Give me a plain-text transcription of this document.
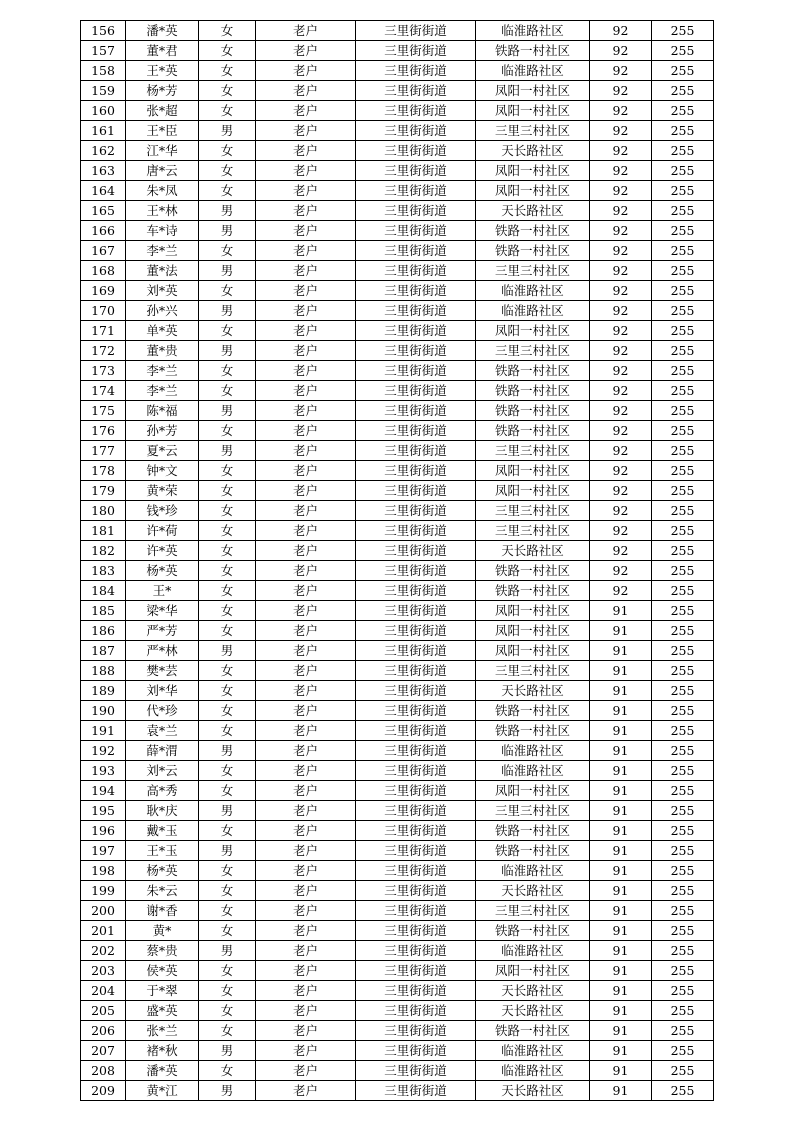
156	潘*英	女	老户	三里街街道	临淮路社区	92	255
157	董*君	女	老户	三里街街道	铁路一村社区	92	255
158	王*英	女	老户	三里街街道	临淮路社区	92	255
159	杨*芳	女	老户	三里街街道	凤阳一村社区	92	255
160	张*超	女	老户	三里街街道	凤阳一村社区	92	255
161	王*臣	男	老户	三里街街道	三里三村社区	92	255
162	江*华	女	老户	三里街街道	天长路社区	92	255
163	唐*云	女	老户	三里街街道	凤阳一村社区	92	255
164	朱*凤	女	老户	三里街街道	凤阳一村社区	92	255
165	王*林	男	老户	三里街街道	天长路社区	92	255
166	车*诗	男	老户	三里街街道	铁路一村社区	92	255
167	李*兰	女	老户	三里街街道	铁路一村社区	92	255
168	董*法	男	老户	三里街街道	三里三村社区	92	255
169	刘*英	女	老户	三里街街道	临淮路社区	92	255
170	孙*兴	男	老户	三里街街道	临淮路社区	92	255
171	单*英	女	老户	三里街街道	凤阳一村社区	92	255
172	董*贵	男	老户	三里街街道	三里三村社区	92	255
173	李*兰	女	老户	三里街街道	铁路一村社区	92	255
174	李*兰	女	老户	三里街街道	铁路一村社区	92	255
175	陈*福	男	老户	三里街街道	铁路一村社区	92	255
176	孙*芳	女	老户	三里街街道	铁路一村社区	92	255
177	夏*云	男	老户	三里街街道	三里三村社区	92	255
178	钟*文	女	老户	三里街街道	凤阳一村社区	92	255
179	黄*荣	女	老户	三里街街道	凤阳一村社区	92	255
180	钱*珍	女	老户	三里街街道	三里三村社区	92	255
181	许*荷	女	老户	三里街街道	三里三村社区	92	255
182	许*英	女	老户	三里街街道	天长路社区	92	255
183	杨*英	女	老户	三里街街道	铁路一村社区	92	255
184	王*	女	老户	三里街街道	铁路一村社区	92	255
185	梁*华	女	老户	三里街街道	凤阳一村社区	91	255
186	严*芳	女	老户	三里街街道	凤阳一村社区	91	255
187	严*林	男	老户	三里街街道	凤阳一村社区	91	255
188	樊*芸	女	老户	三里街街道	三里三村社区	91	255
189	刘*华	女	老户	三里街街道	天长路社区	91	255
190	代*珍	女	老户	三里街街道	铁路一村社区	91	255
191	袁*兰	女	老户	三里街街道	铁路一村社区	91	255
192	薛*渭	男	老户	三里街街道	临淮路社区	91	255
193	刘*云	女	老户	三里街街道	临淮路社区	91	255
194	高*秀	女	老户	三里街街道	凤阳一村社区	91	255
195	耿*庆	男	老户	三里街街道	三里三村社区	91	255
196	戴*玉	女	老户	三里街街道	铁路一村社区	91	255
197	王*玉	男	老户	三里街街道	铁路一村社区	91	255
198	杨*英	女	老户	三里街街道	临淮路社区	91	255
199	朱*云	女	老户	三里街街道	天长路社区	91	255
200	谢*香	女	老户	三里街街道	三里三村社区	91	255
201	黄*	女	老户	三里街街道	铁路一村社区	91	255
202	蔡*贵	男	老户	三里街街道	临淮路社区	91	255
203	侯*英	女	老户	三里街街道	凤阳一村社区	91	255
204	于*翠	女	老户	三里街街道	天长路社区	91	255
205	盛*英	女	老户	三里街街道	天长路社区	91	255
206	张*兰	女	老户	三里街街道	铁路一村社区	91	255
207	褚*秋	男	老户	三里街街道	临淮路社区	91	255
208	潘*英	女	老户	三里街街道	临淮路社区	91	255
209	黄*江	男	老户	三里街街道	天长路社区	91	255
